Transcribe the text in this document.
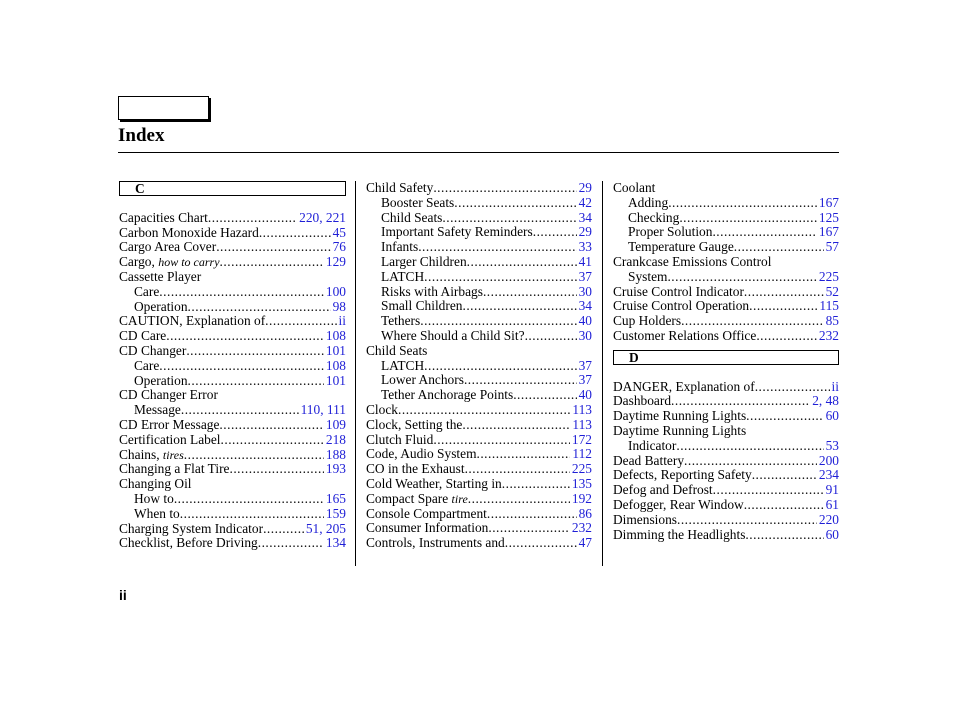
Index
C
Capacities Chart .....	220, 221
Carbon Monoxide Hazard .....	45
Cargo Area Cover .....	76
Cargo, how to carry .....	129
Cassette Player
Care .....	100
Operation .....	98
CAUTION, Explanation of .....	ii
CD Care .....	108
CD Changer .....	101
Care .....	108
Operation .....	101
CD Changer Error
Message .....	110, 111
CD Error Message .....	109
Certification Label .....	218
Chains, tires .....	188
Changing a Flat Tire .....	193
Changing Oil
How to .....	165
When to .....	159
Charging System Indicator .....	51, 205
Checklist, Before Driving .....	134
Child Safety .....	29
Booster Seats .....	42
Child Seats .....	34
Important Safety Reminders .....	29
Infants .....	33
Larger Children .....	41
LATCH .....	37
Risks with Airbags .....	30
Small Children .....	34
Tethers .....	40
Where Should a Child Sit? .....	30
Child Seats
LATCH .....	37
Lower Anchors .....	37
Tether Anchorage Points .....	40
Clock .....	113
Clock, Setting the .....	113
Clutch Fluid .....	172
Code, Audio System .....	112
CO in the Exhaust .....	225
Cold Weather, Starting in .....	135
Compact Spare tire .....	192
Console Compartment .....	86
Consumer Information .....	232
Controls, Instruments and .....	47
Coolant
Adding .....	167
Checking .....	125
Proper Solution .....	167
Temperature Gauge .....	57
Crankcase Emissions Control
System .....	225
Cruise Control Indicator .....	52
Cruise Control Operation .....	115
Cup Holders .....	85
Customer Relations Office .....	232
D
DANGER, Explanation of .....	ii
Dashboard .....	2, 48
Daytime Running Lights .....	60
Daytime Running Lights
Indicator .....	53
Dead Battery .....	200
Defects, Reporting Safety .....	234
Defog and Defrost .....	91
Defogger, Rear Window .....	61
Dimensions .....	220
Dimming the Headlights .....	60
ii
